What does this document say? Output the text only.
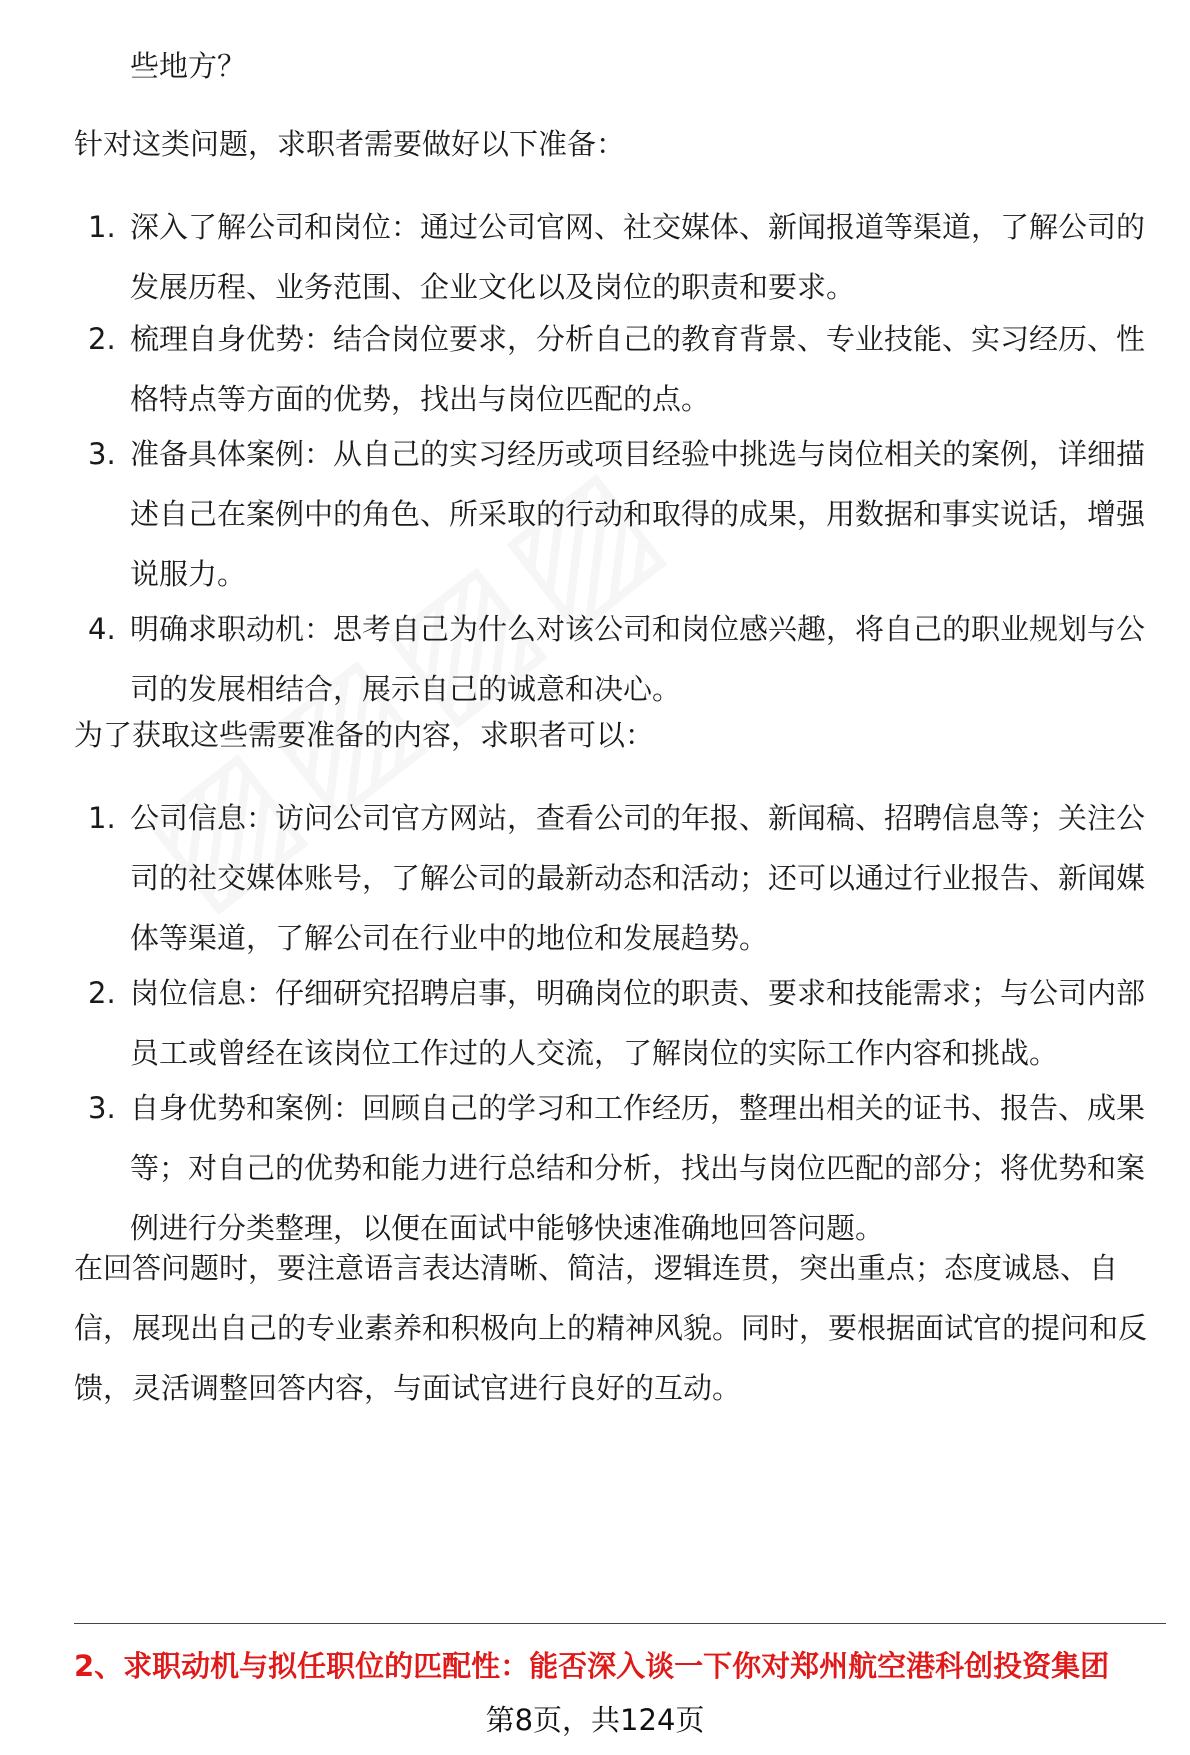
些地方？

针对这类问题，求职者需要做好以下准备：

1. 深入了解公司和岗位：通过公司官网、社交媒体、新闻报道等渠道，了解公司的发展历程、业务范围、企业文化以及岗位的职责和要求。
2. 梳理自身优势：结合岗位要求，分析自己的教育背景、专业技能、实习经历、性格特点等方面的优势，找出与岗位匹配的点。
3. 准备具体案例：从自己的实习经历或项目经验中挑选与岗位相关的案例，详细描述自己在案例中的角色、所采取的行动和取得的成果，用数据和事实说话，增强说服力。
4. 明确求职动机：思考自己为什么对该公司和岗位感兴趣，将自己的职业规划与公司的发展相结合，展示自己的诚意和决心。

为了获取这些需要准备的内容，求职者可以：

1. 公司信息：访问公司官方网站，查看公司的年报、新闻稿、招聘信息等；关注公司的社交媒体账号，了解公司的最新动态和活动；还可以通过行业报告、新闻媒体等渠道，了解公司在行业中的地位和发展趋势。
2. 岗位信息：仔细研究招聘启事，明确岗位的职责、要求和技能需求；与公司内部员工或曾经在该岗位工作过的人交流，了解岗位的实际工作内容和挑战。
3. 自身优势和案例：回顾自己的学习和工作经历，整理出相关的证书、报告、成果等；对自己的优势和能力进行总结和分析，找出与岗位匹配的部分；将优势和案例进行分类整理，以便在面试中能够快速准确地回答问题。

在回答问题时，要注意语言表达清晰、简洁，逻辑连贯，突出重点；态度诚恳、自信，展现出自己的专业素养和积极向上的精神风貌。同时，要根据面试官的提问和反馈，灵活调整回答内容，与面试官进行良好的互动。

2、求职动机与拟任职位的匹配性：能否深入谈一下你对郑州航空港科创投资集团

第8页，共124页
